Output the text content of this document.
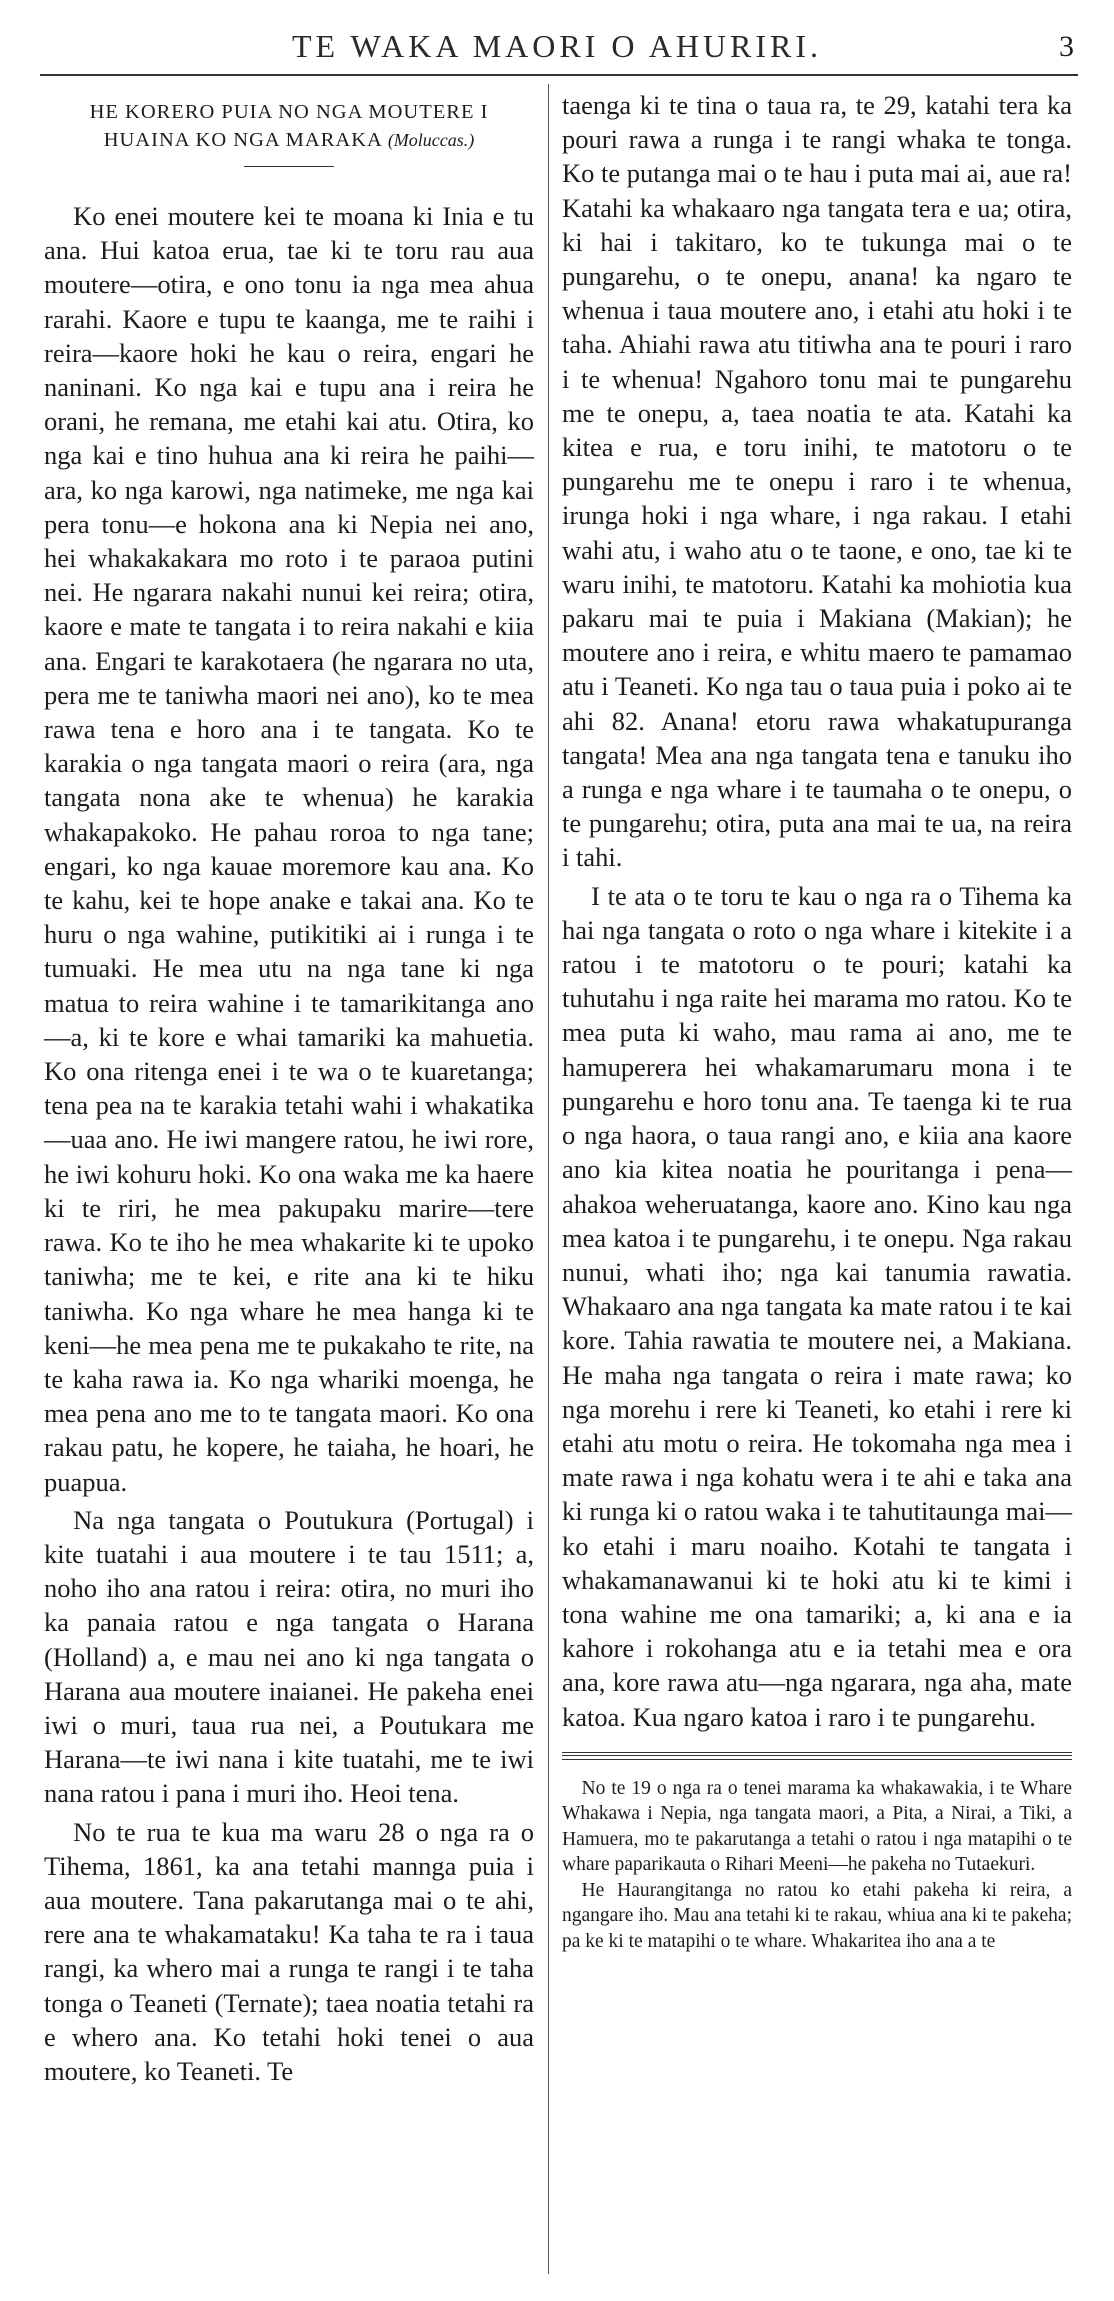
TE WAKA MAORI O AHURIRI.	3
HE KORERO PUIA NO NGA MOUTERE I HUAINA KO NGA MARAKA (Moluccas.)

Ko enei moutere kei te moana ki Inia e tu ana. Hui katoa erua, tae ki te toru rau aua moutere—otira, e ono tonu ia nga mea ahua rarahi. Kaore e tupu te kaanga, me te raihi i reira—kaore hoki he kau o reira, engari he naninani. Ko nga kai e tupu ana i reira he orani, he remana, me etahi kai atu. Otira, ko nga kai e tino huhua ana ki reira he paihi—ara, ko nga karowi, nga natimeke, me nga kai pera tonu—e hokona ana ki Nepia nei ano, hei whakakakara mo roto i te paraoa putini nei. He ngarara nakahi nunui kei reira; otira, kaore e mate te tangata i to reira nakahi e kiia ana. Engari te karakotaera (he ngarara no uta, pera me te taniwha maori nei ano), ko te mea rawa tena e horo ana i te tangata. Ko te karakia o nga tangata maori o reira (ara, nga tangata nona ake te whenua) he karakia whakapakoko. He pahau roroa to nga tane; engari, ko nga kauae moremore kau ana. Ko te kahu, kei te hope anake e takai ana. Ko te huru o nga wahine, putikitiki ai i runga i te tumuaki. He mea utu na nga tane ki nga matua to reira wahine i te tamarikitanga ano—a, ki te kore e whai tamariki ka mahuetia. Ko ona ritenga enei i te wa o te kuaretanga; tena pea na te karakia tetahi wahi i whakatika—uaa ano. He iwi mangere ratou, he iwi rore, he iwi kohuru hoki. Ko ona waka me ka haere ki te riri, he mea pakupaku marire—tere rawa. Ko te iho he mea whakarite ki te upoko taniwha; me te kei, e rite ana ki te hiku taniwha. Ko nga whare he mea hanga ki te keni—he mea pena me te pukakaho te rite, na te kaha rawa ia. Ko nga whariki moenga, he mea pena ano me to te tangata maori. Ko ona rakau patu, he kopere, he taiaha, he hoari, he puapua.

Na nga tangata o Poutukura (Portugal) i kite tuatahi i aua moutere i te tau 1511; a, noho iho ana ratou i reira: otira, no muri iho ka panaia ratou e nga tangata o Harana (Holland) a, e mau nei ano ki nga tangata o Harana aua moutere inaianei. He pakeha enei iwi o muri, taua rua nei, a Poutukara me Harana—te iwi nana i kite tuatahi, me te iwi nana ratou i pana i muri iho. Heoi tena.

No te rua te kua ma waru 28 o nga ra o Tihema, 1861, ka ana tetahi mannga puia i aua moutere. Tana pakarutanga mai o te ahi, rere ana te whakamataku! Ka taha te ra i taua rangi, ka whero mai a runga te rangi i te taha tonga o Teaneti (Ternate); taea noatia tetahi ra e whero ana. Ko tetahi hoki tenei o aua moutere, ko Teaneti. Te

taenga ki te tina o taua ra, te 29, katahi tera ka pouri rawa a runga i te rangi whaka te tonga. Ko te putanga mai o te hau i puta mai ai, aue ra! Katahi ka whakaaro nga tangata tera e ua; otira, ki hai i takitaro, ko te tukunga mai o te pungarehu, o te onepu, anana! ka ngaro te whenua i taua moutere ano, i etahi atu hoki i te taha. Ahiahi rawa atu titiwha ana te pouri i raro i te whenua! Ngahoro tonu mai te pungarehu me te onepu, a, taea noatia te ata. Katahi ka kitea e rua, e toru inihi, te matotoru o te pungarehu me te onepu i raro i te whenua, irunga hoki i nga whare, i nga rakau. I etahi wahi atu, i waho atu o te taone, e ono, tae ki te waru inihi, te matotoru. Katahi ka mohiotia kua pakaru mai te puia i Makiana (Makian); he moutere ano i reira, e whitu maero te pamamao atu i Teaneti. Ko nga tau o taua puia i poko ai te ahi 82. Anana! etoru rawa whakatupuranga tangata! Mea ana nga tangata tena e tanuku iho a runga e nga whare i te taumaha o te onepu, o te pungarehu; otira, puta ana mai te ua, na reira i tahi.

I te ata o te toru te kau o nga ra o Tihema ka hai nga tangata o roto o nga whare i kitekite i a ratou i te matotoru o te pouri; katahi ka tuhutahu i nga raite hei marama mo ratou. Ko te mea puta ki waho, mau rama ai ano, me te hamuperera hei whakamarumaru mona i te pungarehu e horo tonu ana. Te taenga ki te rua o nga haora, o taua rangi ano, e kiia ana kaore ano kia kitea noatia he pouritanga i pena—ahakoa weheruatanga, kaore ano. Kino kau nga mea katoa i te pungarehu, i te onepu. Nga rakau nunui, whati iho; nga kai tanumia rawatia. Whakaaro ana nga tangata ka mate ratou i te kai kore. Tahia rawatia te moutere nei, a Makiana. He maha nga tangata o reira i mate rawa; ko nga morehu i rere ki Teaneti, ko etahi i rere ki etahi atu motu o reira. He tokomaha nga mea i mate rawa i nga kohatu wera i te ahi e taka ana ki runga ki o ratou waka i te tahutitaunga mai—ko etahi i maru noaiho. Kotahi te tangata i whakamanawanui ki te hoki atu ki te kimi i tona wahine me ona tamariki; a, ki ana e ia kahore i rokohanga atu e ia tetahi mea e ora ana, kore rawa atu—nga ngarara, nga aha, mate katoa. Kua ngaro katoa i raro i te pungarehu.

No te 19 o nga ra o tenei marama ka whakawakia, i te Whare Whakawa i Nepia, nga tangata maori, a Pita, a Nirai, a Tiki, a Hamuera, mo te pakarutanga a tetahi o ratou i nga matapihi o te whare paparikauta o Rihari Meeni—he pakeha no Tutaekuri.

He Haurangitanga no ratou ko etahi pakeha ki reira, a ngangare iho. Mau ana tetahi ki te rakau, whiua ana ki te pakeha; pa ke ki te matapihi o te whare. Whakaritea iho ana a te
